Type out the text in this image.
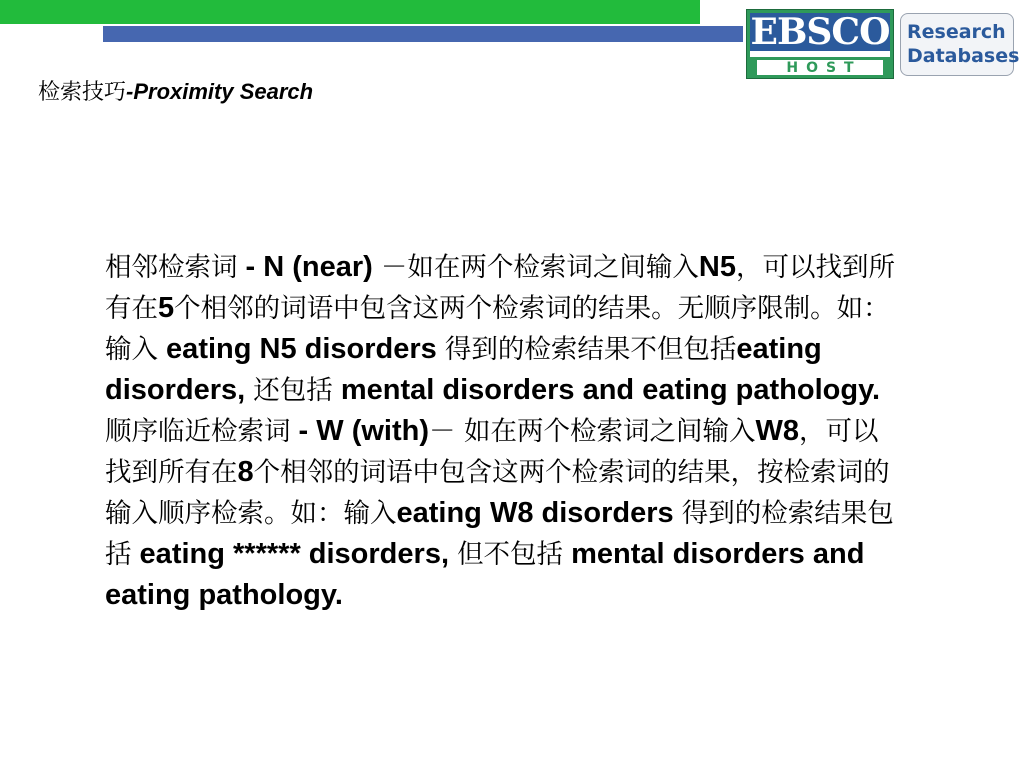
EBSCO
HOST
Research
Databases
检索技巧-Proximity Search

相邻检索词 - N (near) －如在两个检索词之间输入N5，可以找到所有在5个相邻的词语中包含这两个检索词的结果。无顺序限制。如： 输入 eating N5 disorders 得到的检索结果不但包括eating disorders, 还包括 mental disorders and eating pathology.

顺序临近检索词 - W (with)－ 如在两个检索词之间输入W8，可以找到所有在8个相邻的词语中包含这两个检索词的结果，按检索词的输入顺序检索。如：输入eating W8 disorders 得到的检索结果包括 eating ****** disorders, 但不包括 mental disorders and eating pathology.
